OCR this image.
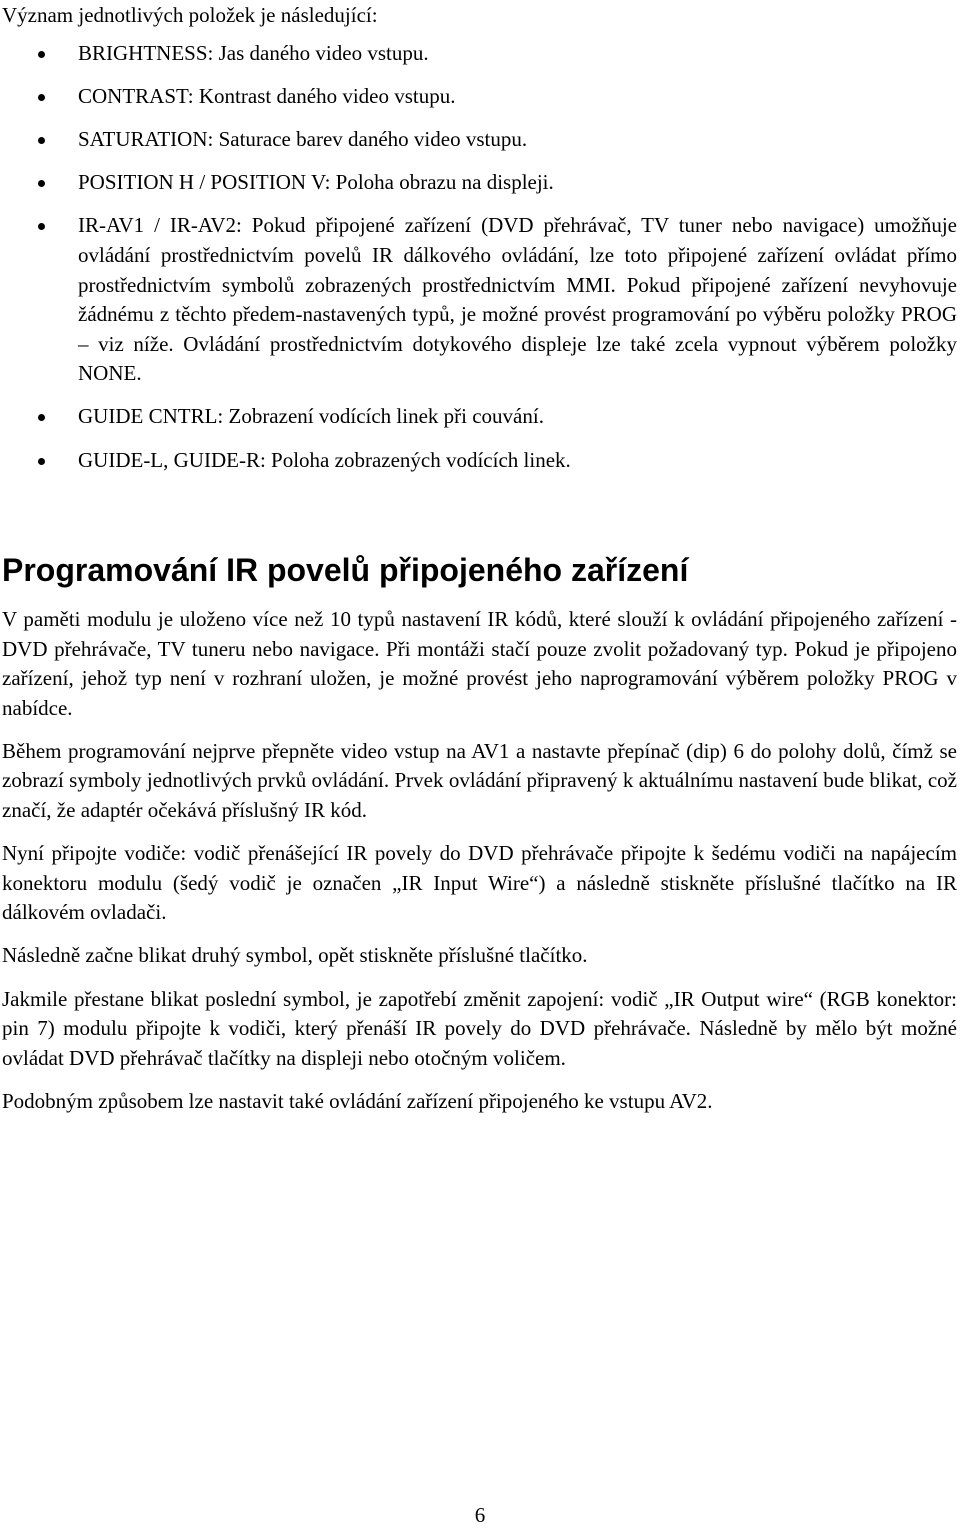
Význam jednotlivých položek je následující:

BRIGHTNESS: Jas daného video vstupu.
CONTRAST: Kontrast daného video vstupu.
SATURATION: Saturace barev daného video vstupu.
POSITION H / POSITION V: Poloha obrazu na displeji.
IR-AV1 / IR-AV2: Pokud připojené zařízení (DVD přehrávač, TV tuner nebo navigace) umožňuje ovládání prostřednictvím povelů IR dálkového ovládání, lze toto připojené zařízení ovládat přímo prostřednictvím symbolů zobrazených prostřednictvím MMI. Pokud připojené zařízení nevyhovuje žádnému z těchto předem-nastavených typů, je možné provést programování po výběru položky PROG – viz níže. Ovládání prostřednictvím dotykového displeje lze také zcela vypnout výběrem položky NONE.
GUIDE CNTRL: Zobrazení vodících linek při couvání.
GUIDE-L, GUIDE-R: Poloha zobrazených vodících linek.
Programování IR povelů připojeného zařízení

V paměti modulu je uloženo více než 10 typů nastavení IR kódů, které slouží k ovládání připojeného zařízení - DVD přehrávače, TV tuneru nebo navigace. Při montáži stačí pouze zvolit požadovaný typ. Pokud je připojeno zařízení, jehož typ není v rozhraní uložen, je možné provést jeho naprogramování výběrem položky PROG v nabídce.

Během programování nejprve přepněte video vstup na AV1 a nastavte přepínač (dip) 6 do polohy dolů, čímž se zobrazí symboly jednotlivých prvků ovládání. Prvek ovládání připravený k aktuálnímu nastavení bude blikat, což značí, že adaptér očekává příslušný IR kód.

Nyní připojte vodiče: vodič přenášející IR povely do DVD přehrávače připojte k šedému vodiči na napájecím konektoru modulu (šedý vodič je označen „IR Input Wire“) a následně stiskněte příslušné tlačítko na IR dálkovém ovladači.

Následně začne blikat druhý symbol, opět stiskněte příslušné tlačítko.

Jakmile přestane blikat poslední symbol, je zapotřebí změnit zapojení: vodič „IR Output wire“ (RGB konektor: pin 7) modulu připojte k vodiči, který přenáší IR povely do DVD přehrávače. Následně by mělo být možné ovládat DVD přehrávač tlačítky na displeji nebo otočným voličem.

Podobným způsobem lze nastavit také ovládání zařízení připojeného ke vstupu AV2.

6
